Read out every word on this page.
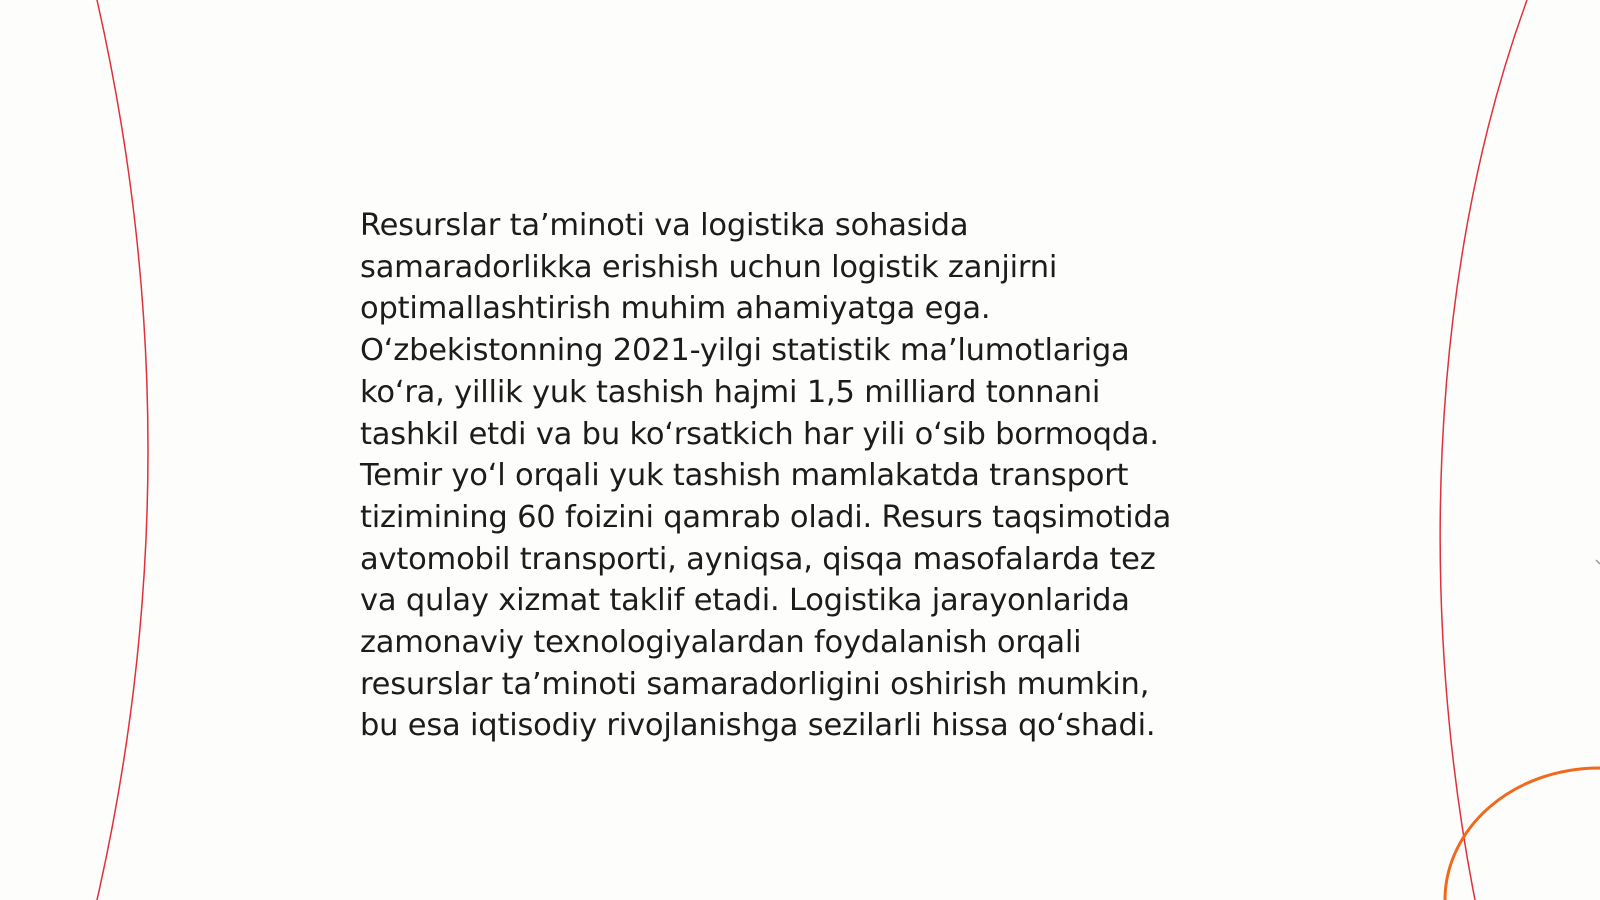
Resurslar taʼminoti va logistika sohasida
samaradorlikka erishish uchun logistik zanjirni
optimallashtirish muhim ahamiyatga ega.
Oʻzbekistonning 2021-yilgi statistik maʼlumotlariga
koʻra, yillik yuk tashish hajmi 1,5 milliard tonnani
tashkil etdi va bu koʻrsatkich har yili oʻsib bormoqda.
Temir yoʻl orqali yuk tashish mamlakatda transport
tizimining 60 foizini qamrab oladi. Resurs taqsimotida
avtomobil transporti, ayniqsa, qisqa masofalarda tez
va qulay xizmat taklif etadi. Logistika jarayonlarida
zamonaviy texnologiyalardan foydalanish orqali
resurslar taʼminoti samaradorligini oshirish mumkin,
bu esa iqtisodiy rivojlanishga sezilarli hissa qoʻshadi.
